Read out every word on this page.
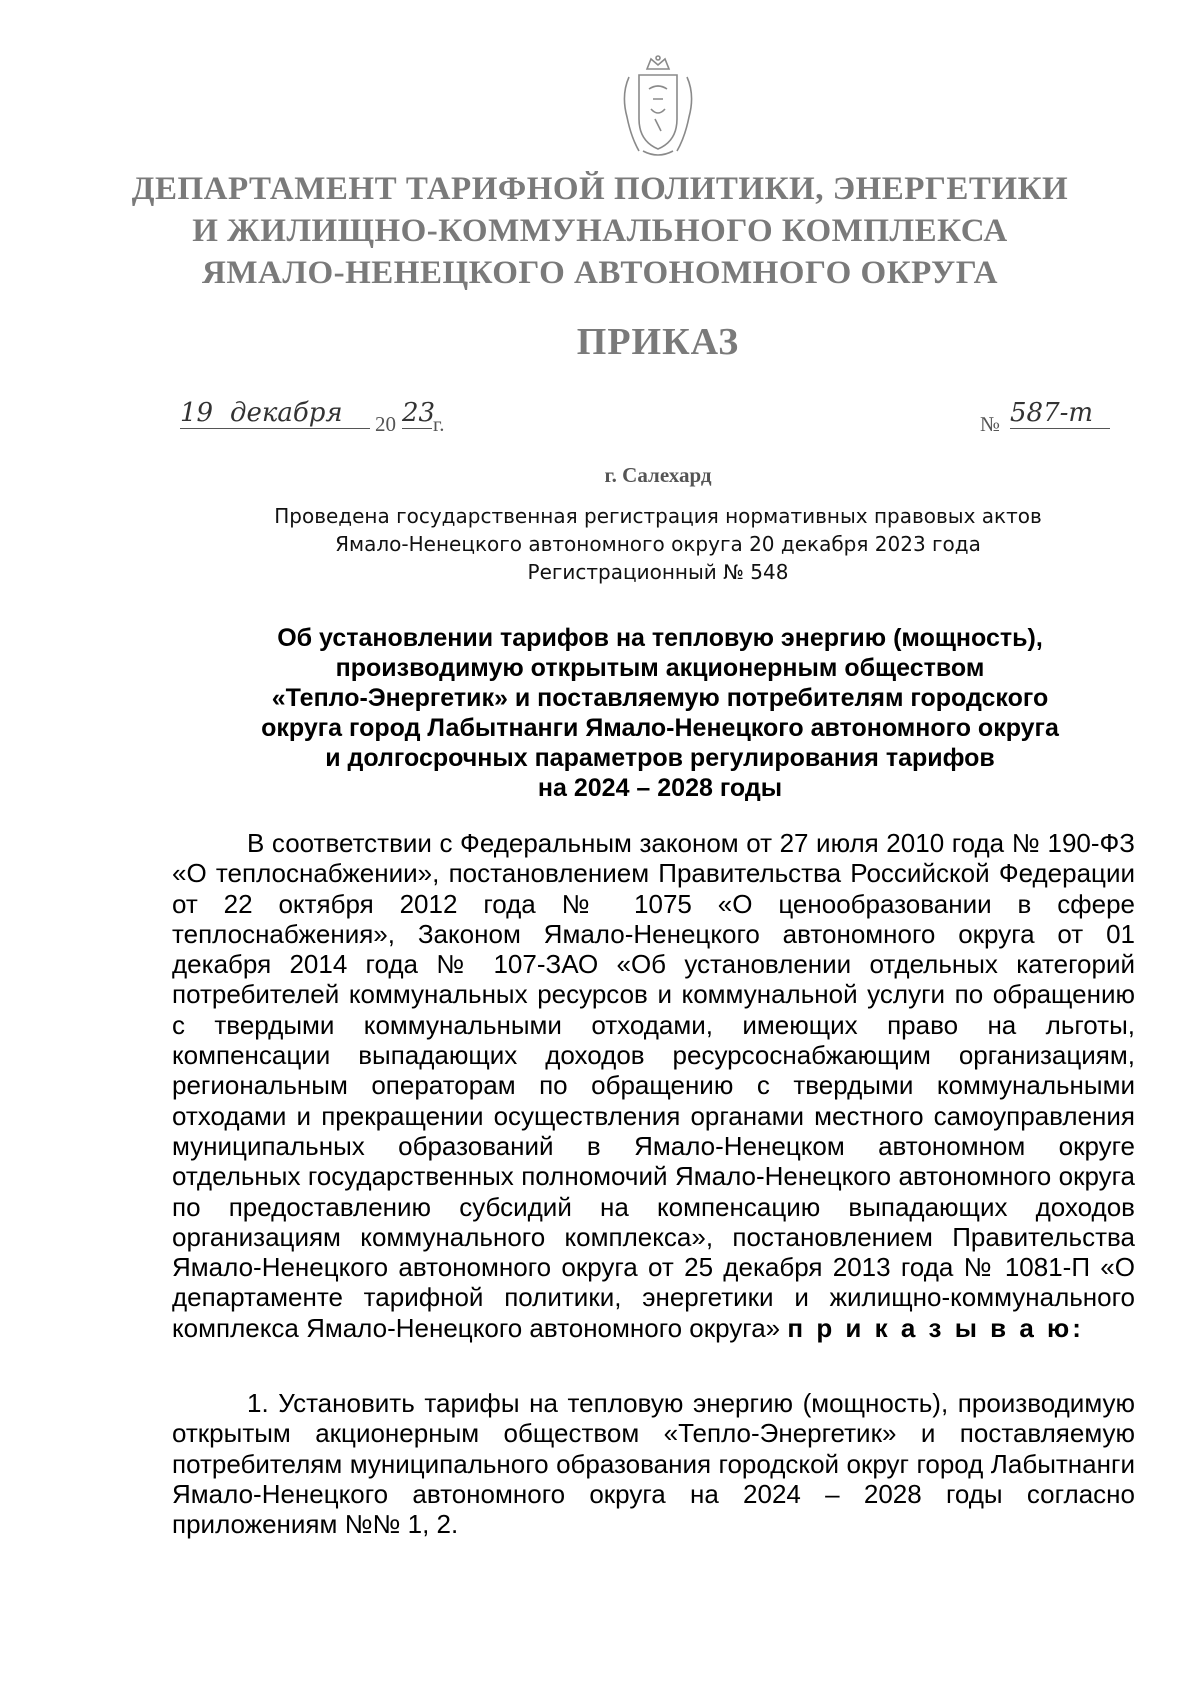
ДЕПАРТАМЕНТ ТАРИФНОЙ ПОЛИТИКИ, ЭНЕРГЕТИКИ
И ЖИЛИЩНО-КОММУНАЛЬНОГО КОМПЛЕКСА
ЯМАЛО-НЕНЕЦКОГО АВТОНОМНОГО ОКРУГА
ПРИКАЗ
19 декабря	20 23
г.	№ 587-т
г. Салехард
Проведена государственная регистрация нормативных правовых актов
Ямало-Ненецкого автономного округа 20 декабря 2023 года
Регистрационный № 548
Об установлении тарифов на тепловую энергию (мощность),
производимую открытым акционерным обществом
«Тепло-Энергетик» и поставляемую потребителям городского
округа город Лабытнанги Ямало-Ненецкого автономного округа
и долгосрочных параметров регулирования тарифов
на 2024 – 2028 годы

В соответствии с Федеральным законом от 27 июля 2010 года № 190-ФЗ «О теплоснабжении», постановлением Правительства Российской Федерации от 22 октября 2012 года № 1075 «О ценообразовании в сфере теплоснабжения», Законом Ямало-Ненецкого автономного округа от 01 декабря 2014 года № 107-ЗАО «Об установлении отдельных категорий потребителей коммунальных ресурсов и коммунальной услуги по обращению с твердыми коммунальными отходами, имеющих право на льготы, компенсации выпадающих доходов ресурсоснабжающим организациям, региональным операторам по обращению с твердыми коммунальными отходами и прекращении осуществления органами местного самоуправления муниципальных образований в Ямало-Ненецком автономном округе отдельных государственных полномочий Ямало-Ненецкого автономного округа по предоставлению субсидий на компенсацию выпадающих доходов организациям коммунального комплекса», постановлением Правительства Ямало-Ненецкого автономного округа от 25 декабря 2013 года № 1081-П «О департаменте тарифной политики, энергетики и жилищно-коммунального комплекса Ямало-Ненецкого автономного округа» п р и к а з ы в а ю:

1. Установить тарифы на тепловую энергию (мощность), производимую открытым акционерным обществом «Тепло-Энергетик» и поставляемую потребителям муниципального образования городской округ город Лабытнанги Ямало-Ненецкого автономного округа на 2024 – 2028 годы согласно приложениям №№ 1, 2.
